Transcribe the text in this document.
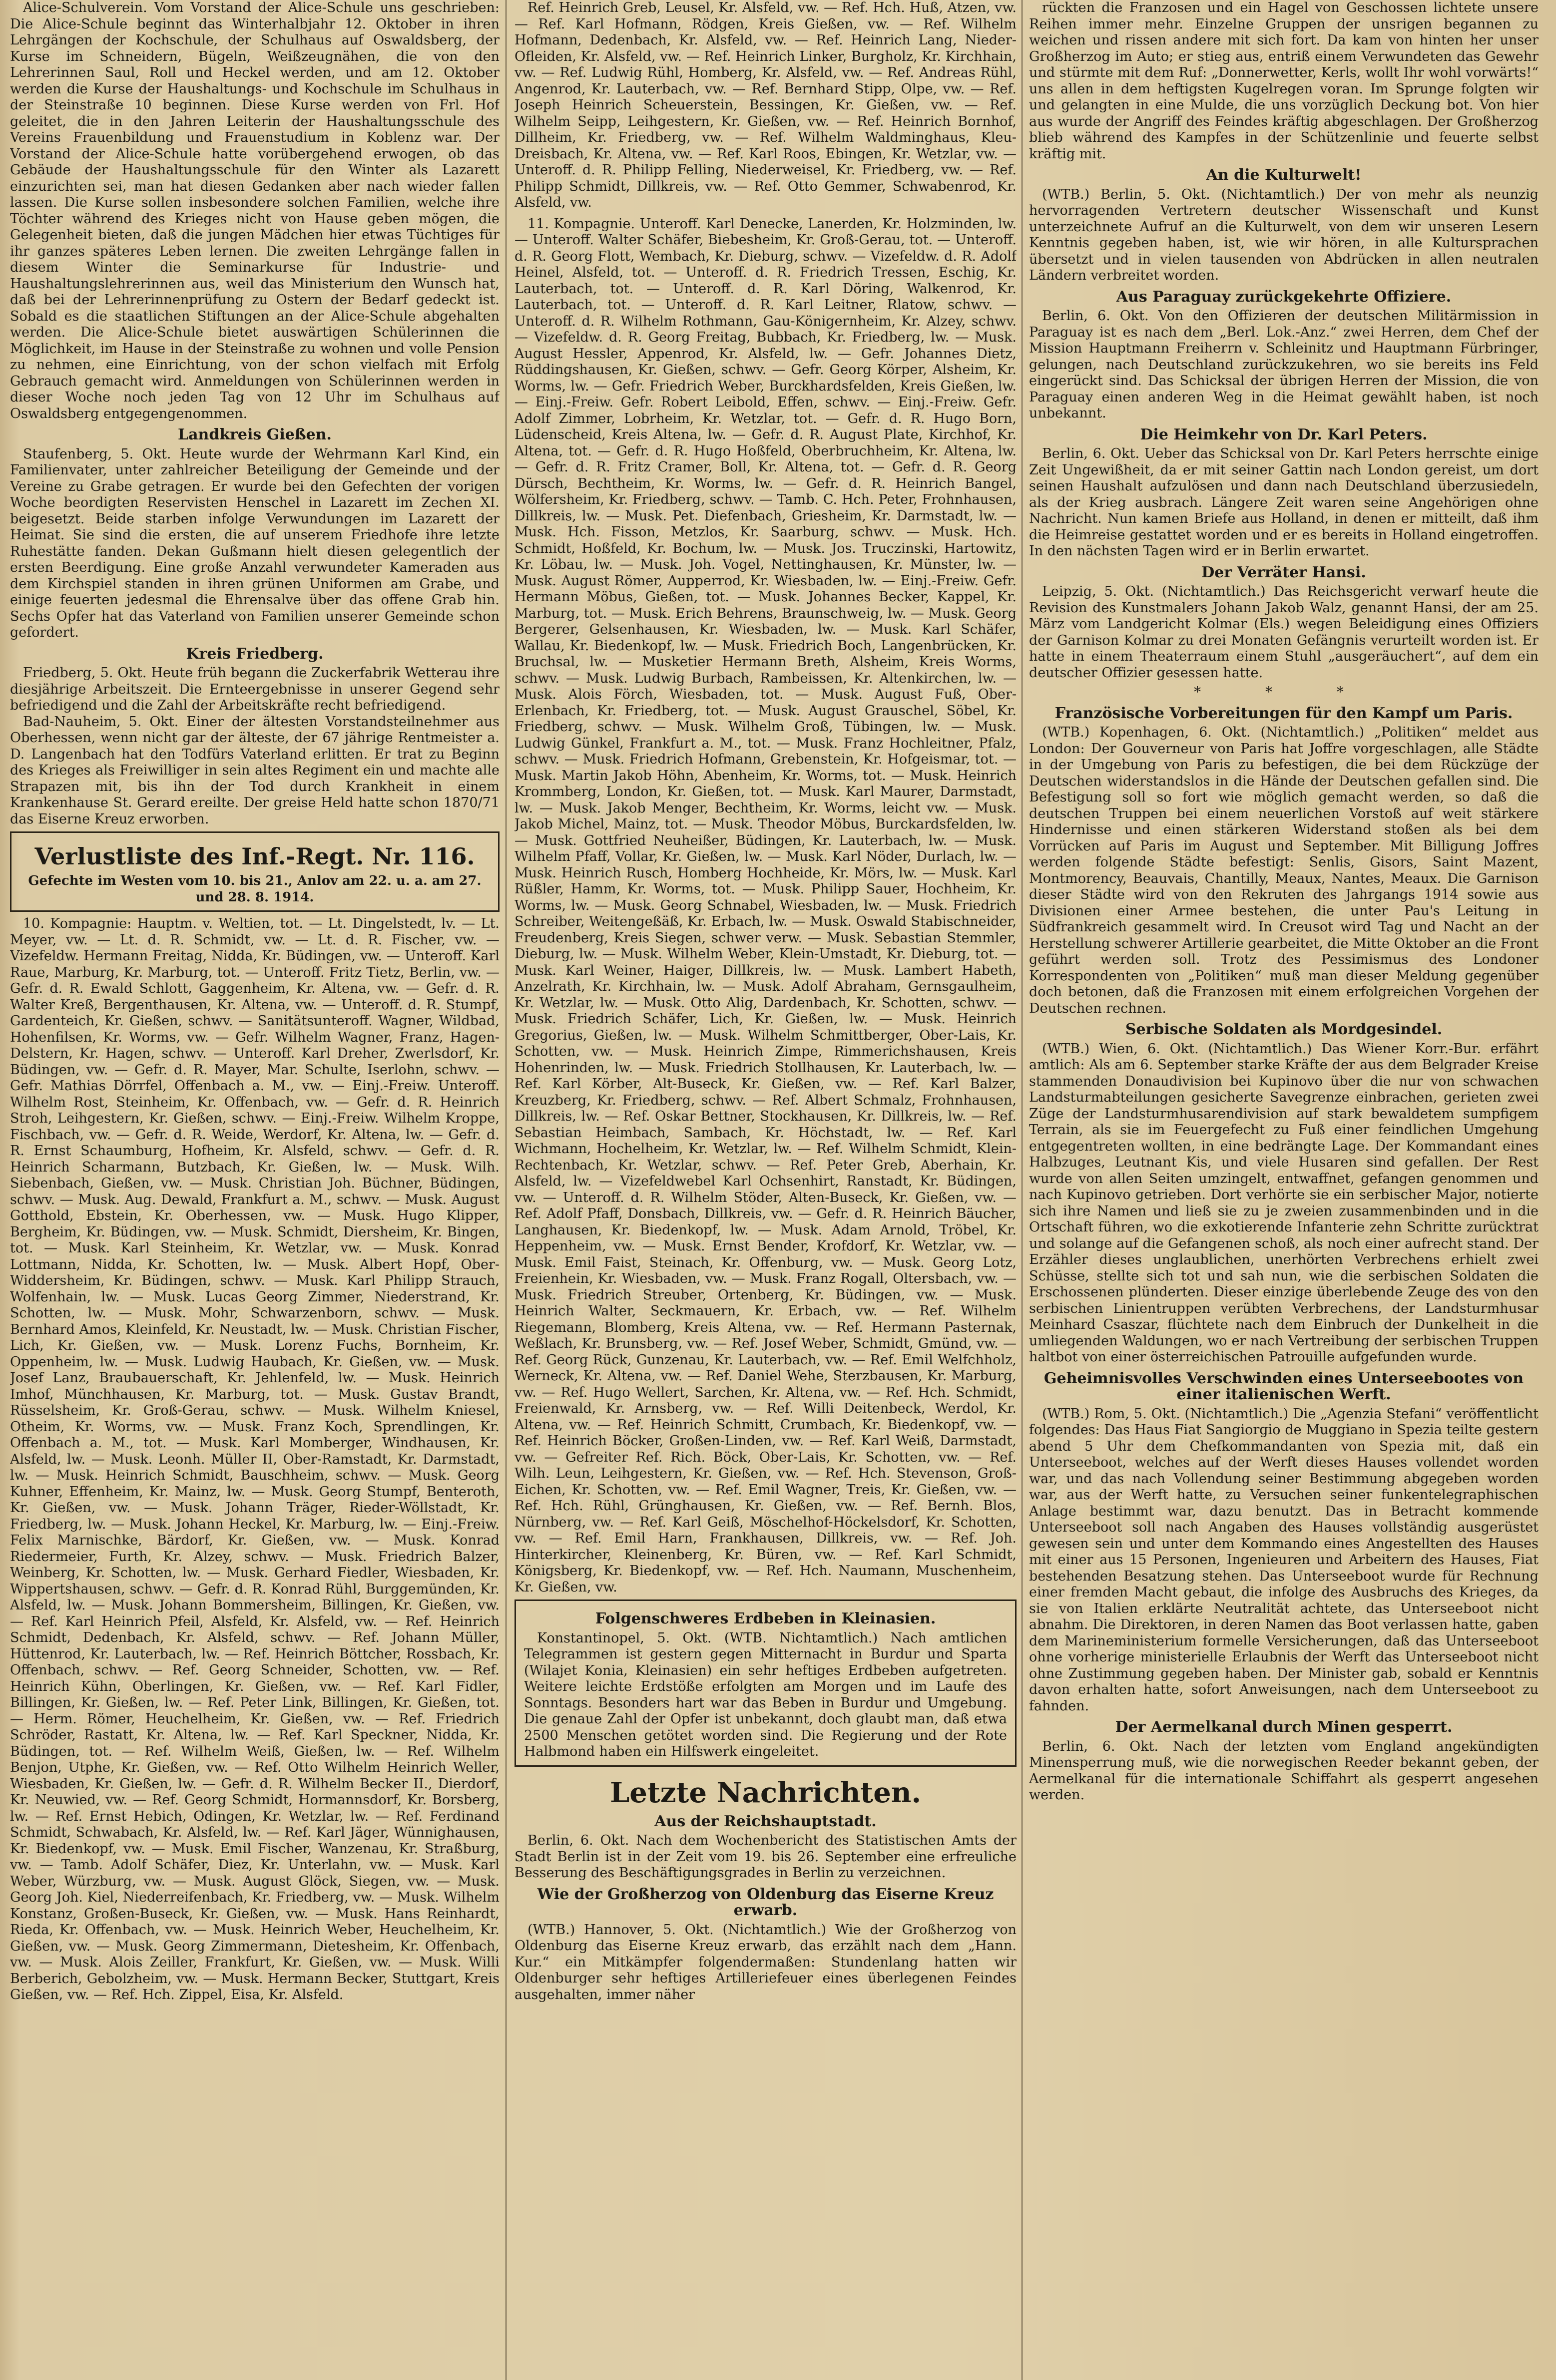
Alice-Schulverein. Vom Vorstand der Alice-Schule uns geschrieben: Die Alice-Schule beginnt das Winterhalbjahr 12. Oktober in ihren Lehrgängen der Kochschule, der Schulhaus auf Oswaldsberg, der Kurse im Schneidern, Bügeln, Weißzeugnähen, die von den Lehrerinnen Saul, Roll und Heckel werden, und am 12. Oktober werden die Kurse der Haushaltungs- und Kochschule im Schulhaus in der Steinstraße 10 beginnen. Diese Kurse werden von Frl. Hof geleitet, die in den Jahren Leiterin der Haushaltungsschule des Vereins Frauenbildung und Frauenstudium in Koblenz war. Der Vorstand der Alice-Schule hatte vorübergehend erwogen, ob das Gebäude der Haushaltungsschule für den Winter als Lazarett einzurichten sei, man hat diesen Gedanken aber nach wieder fallen lassen. Die Kurse sollen insbesondere solchen Familien, welche ihre Töchter während des Krieges nicht von Hause geben mögen, die Gelegenheit bieten, daß die jungen Mädchen hier etwas Tüchtiges für ihr ganzes späteres Leben lernen. Die zweiten Lehrgänge fallen in diesem Winter die Seminarkurse für Industrie- und Haushaltungslehrerinnen aus, weil das Ministerium den Wunsch hat, daß bei der Lehrerinnenprüfung zu Ostern der Bedarf gedeckt ist. Sobald es die staatlichen Stiftungen an der Alice-Schule abgehalten werden. Die Alice-Schule bietet auswärtigen Schülerinnen die Möglichkeit, im Hause in der Steinstraße zu wohnen und volle Pension zu nehmen, eine Einrichtung, von der schon vielfach mit Erfolg Gebrauch gemacht wird. Anmeldungen von Schülerinnen werden in dieser Woche noch jeden Tag von 12 Uhr im Schulhaus auf Oswaldsberg entgegengenommen.

Landkreis Gießen.

Staufenberg, 5. Okt. Heute wurde der Wehrmann Karl Kind, ein Familienvater, unter zahlreicher Beteiligung der Gemeinde und der Vereine zu Grabe getragen. Er wurde bei den Gefechten der vorigen Woche beordigten Reservisten Henschel in Lazarett im Zechen XI. beigesetzt. Beide starben infolge Verwundungen im Lazarett der Heimat. Sie sind die ersten, die auf unserem Friedhofe ihre letzte Ruhestätte fanden. Dekan Gußmann hielt diesen gelegentlich der ersten Beerdigung. Eine große Anzahl verwundeter Kameraden aus dem Kirchspiel standen in ihren grünen Uniformen am Grabe, und einige feuerten jedesmal die Ehrensalve über das offene Grab hin. Sechs Opfer hat das Vaterland von Familien unserer Gemeinde schon gefordert.

Kreis Friedberg.

Friedberg, 5. Okt. Heute früh begann die Zuckerfabrik Wetterau ihre diesjährige Arbeitszeit. Die Ernteergebnisse in unserer Gegend sehr befriedigend und die Zahl der Arbeitskräfte recht befriedigend.

Bad-Nauheim, 5. Okt. Einer der ältesten Vorstandsteilnehmer aus Oberhessen, wenn nicht gar der älteste, der 67 jährige Rentmeister a. D. Langenbach hat den Todfürs Vaterland erlitten. Er trat zu Beginn des Krieges als Freiwilliger in sein altes Regiment ein und machte alle Strapazen mit, bis ihn der Tod durch Krankheit in einem Krankenhause St. Gerard ereilte. Der greise Held hatte schon 1870/71 das Eiserne Kreuz erworben.

Verlustliste des Inf.-Regt. Nr. 116.
Gefechte im Westen vom 10. bis 21., Anlov am 22. u. a. am 27. und 28. 8. 1914.

10. Kompagnie: Hauptm. v. Weltien, tot. — Lt. Dingelstedt, lv. — Lt. Meyer, vw. — Lt. d. R. Schmidt, vw. — Lt. d. R. Fischer, vw. — Vizefeldw. Hermann Freitag, Nidda, Kr. Büdingen, vw. — Unteroff. Karl Raue, Marburg, Kr. Marburg, tot. — Unteroff. Fritz Tietz, Berlin, vw. — Gefr. d. R. Ewald Schlott, Gaggenheim, Kr. Altena, vw. — Gefr. d. R. Walter Kreß, Bergenthausen, Kr. Altena, vw. — Unteroff. d. R. Stumpf, Gardenteich, Kr. Gießen, schwv. — Sanitätsunteroff. Wagner, Wildbad, Hohenfilsen, Kr. Worms, vw. — Gefr. Wilhelm Wagner, Franz, Hagen-Delstern, Kr. Hagen, schwv. — Unteroff. Karl Dreher, Zwerlsdorf, Kr. Büdingen, vw. — Gefr. d. R. Mayer, Mar. Schulte, Iserlohn, schwv. — Gefr. Mathias Dörrfel, Offenbach a. M., vw. — Einj.-Freiw. Unteroff. Wilhelm Rost, Steinheim, Kr. Offenbach, vw. — Gefr. d. R. Heinrich Stroh, Leihgestern, Kr. Gießen, schwv. — Einj.-Freiw. Wilhelm Kroppe, Fischbach, vw. — Gefr. d. R. Weide, Werdorf, Kr. Altena, lw. — Gefr. d. R. Ernst Schaumburg, Hofheim, Kr. Alsfeld, schwv. — Gefr. d. R. Heinrich Scharmann, Butzbach, Kr. Gießen, lw. — Musk. Wilh. Siebenbach, Gießen, vw. — Musk. Christian Joh. Büchner, Büdingen, schwv. — Musk. Aug. Dewald, Frankfurt a. M., schwv. — Musk. August Gotthold, Ebstein, Kr. Oberhessen, vw. — Musk. Hugo Klipper, Bergheim, Kr. Büdingen, vw. — Musk. Schmidt, Diersheim, Kr. Bingen, tot. — Musk. Karl Steinheim, Kr. Wetzlar, vw. — Musk. Konrad Lottmann, Nidda, Kr. Schotten, lw. — Musk. Albert Hopf, Ober-Widdersheim, Kr. Büdingen, schwv. — Musk. Karl Philipp Strauch, Wolfenhain, lw. — Musk. Lucas Georg Zimmer, Niederstrand, Kr. Schotten, lw. — Musk. Mohr, Schwarzenborn, schwv. — Musk. Bernhard Amos, Kleinfeld, Kr. Neustadt, lw. — Musk. Christian Fischer, Lich, Kr. Gießen, vw. — Musk. Lorenz Fuchs, Bornheim, Kr. Oppenheim, lw. — Musk. Ludwig Haubach, Kr. Gießen, vw. — Musk. Josef Lanz, Braubauerschaft, Kr. Jehlenfeld, lw. — Musk. Heinrich Imhof, Münchhausen, Kr. Marburg, tot. — Musk. Gustav Brandt, Rüsselsheim, Kr. Groß-Gerau, schwv. — Musk. Wilhelm Kniesel, Otheim, Kr. Worms, vw. — Musk. Franz Koch, Sprendlingen, Kr. Offenbach a. M., tot. — Musk. Karl Momberger, Windhausen, Kr. Alsfeld, lw. — Musk. Leonh. Müller II, Ober-Ramstadt, Kr. Darmstadt, lw. — Musk. Heinrich Schmidt, Bauschheim, schwv. — Musk. Georg Kuhner, Effenheim, Kr. Mainz, lw. — Musk. Georg Stumpf, Benteroth, Kr. Gießen, vw. — Musk. Johann Träger, Rieder-Wöllstadt, Kr. Friedberg, lw. — Musk. Johann Heckel, Kr. Marburg, lw. — Einj.-Freiw. Felix Marnischke, Bärdorf, Kr. Gießen, vw. — Musk. Konrad Riedermeier, Furth, Kr. Alzey, schwv. — Musk. Friedrich Balzer, Weinberg, Kr. Schotten, lw. — Musk. Gerhard Fiedler, Wiesbaden, Kr. Wippertshausen, schwv. — Gefr. d. R. Konrad Rühl, Burggemünden, Kr. Alsfeld, lw. — Musk. Johann Bommersheim, Billingen, Kr. Gießen, vw. — Ref. Karl Heinrich Pfeil, Alsfeld, Kr. Alsfeld, vw. — Ref. Heinrich Schmidt, Dedenbach, Kr. Alsfeld, schwv. — Ref. Johann Müller, Hüttenrod, Kr. Lauterbach, lw. — Ref. Heinrich Böttcher, Rossbach, Kr. Offenbach, schwv. — Ref. Georg Schneider, Schotten, vw. — Ref. Heinrich Kühn, Oberlingen, Kr. Gießen, vw. — Ref. Karl Fidler, Billingen, Kr. Gießen, lw. — Ref. Peter Link, Billingen, Kr. Gießen, tot. — Herm. Römer, Heuchelheim, Kr. Gießen, vw. — Ref. Friedrich Schröder, Rastatt, Kr. Altena, lw. — Ref. Karl Speckner, Nidda, Kr. Büdingen, tot. — Ref. Wilhelm Weiß, Gießen, lw. — Ref. Wilhelm Benjon, Utphe, Kr. Gießen, vw. — Ref. Otto Wilhelm Heinrich Weller, Wiesbaden, Kr. Gießen, lw. — Gefr. d. R. Wilhelm Becker II., Dierdorf, Kr. Neuwied, vw. — Ref. Georg Schmidt, Hormannsdorf, Kr. Borsberg, lw. — Ref. Ernst Hebich, Odingen, Kr. Wetzlar, lw. — Ref. Ferdinand Schmidt, Schwabach, Kr. Alsfeld, lw. — Ref. Karl Jäger, Wünnighausen, Kr. Biedenkopf, vw. — Musk. Emil Fischer, Wanzenau, Kr. Straßburg, vw. — Tamb. Adolf Schäfer, Diez, Kr. Unterlahn, vw. — Musk. Karl Weber, Würzburg, vw. — Musk. August Glöck, Siegen, vw. — Musk. Georg Joh. Kiel, Niederreifenbach, Kr. Friedberg, vw. — Musk. Wilhelm Konstanz, Großen-Buseck, Kr. Gießen, vw. — Musk. Hans Reinhardt, Rieda, Kr. Offenbach, vw. — Musk. Heinrich Weber, Heuchelheim, Kr. Gießen, vw. — Musk. Georg Zimmermann, Dietesheim, Kr. Offenbach, vw. — Musk. Alois Zeiller, Frankfurt, Kr. Gießen, vw. — Musk. Willi Berberich, Gebolzheim, vw. — Musk. Hermann Becker, Stuttgart, Kreis Gießen, vw. — Ref. Hch. Zippel, Eisa, Kr. Alsfeld.

Ref. Heinrich Greb, Leusel, Kr. Alsfeld, vw. — Ref. Hch. Huß, Atzen, vw. — Ref. Karl Hofmann, Rödgen, Kreis Gießen, vw. — Ref. Wilhelm Hofmann, Dedenbach, Kr. Alsfeld, vw. — Ref. Heinrich Lang, Nieder-Ofleiden, Kr. Alsfeld, vw. — Ref. Heinrich Linker, Burgholz, Kr. Kirchhain, vw. — Ref. Ludwig Rühl, Homberg, Kr. Alsfeld, vw. — Ref. Andreas Rühl, Angenrod, Kr. Lauterbach, vw. — Ref. Bernhard Stipp, Olpe, vw. — Ref. Joseph Heinrich Scheuerstein, Bessingen, Kr. Gießen, vw. — Ref. Wilhelm Seipp, Leihgestern, Kr. Gießen, vw. — Ref. Heinrich Bornhof, Dillheim, Kr. Friedberg, vw. — Ref. Wilhelm Waldminghaus, Kleu-Dreisbach, Kr. Altena, vw. — Ref. Karl Roos, Ebingen, Kr. Wetzlar, vw. — Unteroff. d. R. Philipp Felling, Niederweisel, Kr. Friedberg, vw. — Ref. Philipp Schmidt, Dillkreis, vw. — Ref. Otto Gemmer, Schwabenrod, Kr. Alsfeld, vw.

11. Kompagnie. Unteroff. Karl Denecke, Lanerden, Kr. Holzminden, lw. — Unteroff. Walter Schäfer, Biebesheim, Kr. Groß-Gerau, tot. — Unteroff. d. R. Georg Flott, Wembach, Kr. Dieburg, schwv. — Vizefeldw. d. R. Adolf Heinel, Alsfeld, tot. — Unteroff. d. R. Friedrich Tressen, Eschig, Kr. Lauterbach, tot. — Unteroff. d. R. Karl Döring, Walkenrod, Kr. Lauterbach, tot. — Unteroff. d. R. Karl Leitner, Rlatow, schwv. — Unteroff. d. R. Wilhelm Rothmann, Gau-Königernheim, Kr. Alzey, schwv. — Vizefeldw. d. R. Georg Freitag, Bubbach, Kr. Friedberg, lw. — Musk. August Hessler, Appenrod, Kr. Alsfeld, lw. — Gefr. Johannes Dietz, Rüddingshausen, Kr. Gießen, schwv. — Gefr. Georg Körper, Alsheim, Kr. Worms, lw. — Gefr. Friedrich Weber, Burckhardsfelden, Kreis Gießen, lw. — Einj.-Freiw. Gefr. Robert Leibold, Effen, schwv. — Einj.-Freiw. Gefr. Adolf Zimmer, Lobrheim, Kr. Wetzlar, tot. — Gefr. d. R. Hugo Born, Lüdenscheid, Kreis Altena, lw. — Gefr. d. R. August Plate, Kirchhof, Kr. Altena, tot. — Gefr. d. R. Hugo Hoßfeld, Oberbruchheim, Kr. Altena, lw. — Gefr. d. R. Fritz Cramer, Boll, Kr. Altena, tot. — Gefr. d. R. Georg Dürsch, Bechtheim, Kr. Worms, lw. — Gefr. d. R. Heinrich Bangel, Wölfersheim, Kr. Friedberg, schwv. — Tamb. C. Hch. Peter, Frohnhausen, Dillkreis, lw. — Musk. Pet. Diefenbach, Griesheim, Kr. Darmstadt, lw. — Musk. Hch. Fisson, Metzlos, Kr. Saarburg, schwv. — Musk. Hch. Schmidt, Hoßfeld, Kr. Bochum, lw. — Musk. Jos. Truczinski, Hartowitz, Kr. Löbau, lw. — Musk. Joh. Vogel, Nettinghausen, Kr. Münster, lw. — Musk. August Römer, Aupperrod, Kr. Wiesbaden, lw. — Einj.-Freiw. Gefr. Hermann Möbus, Gießen, tot. — Musk. Johannes Becker, Kappel, Kr. Marburg, tot. — Musk. Erich Behrens, Braunschweig, lw. — Musk. Georg Bergerer, Gelsenhausen, Kr. Wiesbaden, lw. — Musk. Karl Schäfer, Wallau, Kr. Biedenkopf, lw. — Musk. Friedrich Boch, Langenbrücken, Kr. Bruchsal, lw. — Musketier Hermann Breth, Alsheim, Kreis Worms, schwv. — Musk. Ludwig Burbach, Rambeissen, Kr. Altenkirchen, lw. — Musk. Alois Förch, Wiesbaden, tot. — Musk. August Fuß, Ober-Erlenbach, Kr. Friedberg, tot. — Musk. August Grauschel, Söbel, Kr. Friedberg, schwv. — Musk. Wilhelm Groß, Tübingen, lw. — Musk. Ludwig Günkel, Frankfurt a. M., tot. — Musk. Franz Hochleitner, Pfalz, schwv. — Musk. Friedrich Hofmann, Grebenstein, Kr. Hofgeismar, tot. — Musk. Martin Jakob Höhn, Abenheim, Kr. Worms, tot. — Musk. Heinrich Krommberg, London, Kr. Gießen, tot. — Musk. Karl Maurer, Darmstadt, lw. — Musk. Jakob Menger, Bechtheim, Kr. Worms, leicht vw. — Musk. Jakob Michel, Mainz, tot. — Musk. Theodor Möbus, Burckardsfelden, lw. — Musk. Gottfried Neuheißer, Büdingen, Kr. Lauterbach, lw. — Musk. Wilhelm Pfaff, Vollar, Kr. Gießen, lw. — Musk. Karl Nöder, Durlach, lw. — Musk. Heinrich Rusch, Homberg Hochheide, Kr. Mörs, lw. — Musk. Karl Rüßler, Hamm, Kr. Worms, tot. — Musk. Philipp Sauer, Hochheim, Kr. Worms, lw. — Musk. Georg Schnabel, Wiesbaden, lw. — Musk. Friedrich Schreiber, Weitengeßäß, Kr. Erbach, lw. — Musk. Oswald Stabischneider, Freudenberg, Kreis Siegen, schwer verw. — Musk. Sebastian Stemmler, Dieburg, lw. — Musk. Wilhelm Weber, Klein-Umstadt, Kr. Dieburg, tot. — Musk. Karl Weiner, Haiger, Dillkreis, lw. — Musk. Lambert Habeth, Anzelrath, Kr. Kirchhain, lw. — Musk. Adolf Abraham, Gernsgaulheim, Kr. Wetzlar, lw. — Musk. Otto Alig, Dardenbach, Kr. Schotten, schwv. — Musk. Friedrich Schäfer, Lich, Kr. Gießen, lw. — Musk. Heinrich Gregorius, Gießen, lw. — Musk. Wilhelm Schmittberger, Ober-Lais, Kr. Schotten, vw. — Musk. Heinrich Zimpe, Rimmerichshausen, Kreis Hohenrinden, lw. — Musk. Friedrich Stollhausen, Kr. Lauterbach, lw. — Ref. Karl Körber, Alt-Buseck, Kr. Gießen, vw. — Ref. Karl Balzer, Kreuzberg, Kr. Friedberg, schwv. — Ref. Albert Schmalz, Frohnhausen, Dillkreis, lw. — Ref. Oskar Bettner, Stockhausen, Kr. Dillkreis, lw. — Ref. Sebastian Heimbach, Sambach, Kr. Höchstadt, lw. — Ref. Karl Wichmann, Hochelheim, Kr. Wetzlar, lw. — Ref. Wilhelm Schmidt, Klein-Rechtenbach, Kr. Wetzlar, schwv. — Ref. Peter Greb, Aberhain, Kr. Alsfeld, lw. — Vizefeldwebel Karl Ochsenhirt, Ranstadt, Kr. Büdingen, vw. — Unteroff. d. R. Wilhelm Stöder, Alten-Buseck, Kr. Gießen, vw. — Ref. Adolf Pfaff, Donsbach, Dillkreis, vw. — Gefr. d. R. Heinrich Bäucher, Langhausen, Kr. Biedenkopf, lw. — Musk. Adam Arnold, Tröbel, Kr. Heppenheim, vw. — Musk. Ernst Bender, Krofdorf, Kr. Wetzlar, vw. — Musk. Emil Faist, Steinach, Kr. Offenburg, vw. — Musk. Georg Lotz, Freienhein, Kr. Wiesbaden, vw. — Musk. Franz Rogall, Oltersbach, vw. — Musk. Friedrich Streuber, Ortenberg, Kr. Büdingen, vw. — Musk. Heinrich Walter, Seckmauern, Kr. Erbach, vw. — Ref. Wilhelm Riegemann, Blomberg, Kreis Altena, vw. — Ref. Hermann Pasternak, Weßlach, Kr. Brunsberg, vw. — Ref. Josef Weber, Schmidt, Gmünd, vw. — Ref. Georg Rück, Gunzenau, Kr. Lauterbach, vw. — Ref. Emil Welfchholz, Werneck, Kr. Altena, vw. — Ref. Daniel Wehe, Sterzbausen, Kr. Marburg, vw. — Ref. Hugo Wellert, Sarchen, Kr. Altena, vw. — Ref. Hch. Schmidt, Freienwald, Kr. Arnsberg, vw. — Ref. Willi Deitenbeck, Werdol, Kr. Altena, vw. — Ref. Heinrich Schmitt, Crumbach, Kr. Biedenkopf, vw. — Ref. Heinrich Böcker, Großen-Linden, vw. — Ref. Karl Weiß, Darmstadt, vw. — Gefreiter Ref. Rich. Böck, Ober-Lais, Kr. Schotten, vw. — Ref. Wilh. Leun, Leihgestern, Kr. Gießen, vw. — Ref. Hch. Stevenson, Groß-Eichen, Kr. Schotten, vw. — Ref. Emil Wagner, Treis, Kr. Gießen, vw. — Ref. Hch. Rühl, Grünghausen, Kr. Gießen, vw. — Ref. Bernh. Blos, Nürnberg, vw. — Ref. Karl Geiß, Möschelhof-Höckelsdorf, Kr. Schotten, vw. — Ref. Emil Harn, Frankhausen, Dillkreis, vw. — Ref. Joh. Hinterkircher, Kleinenberg, Kr. Büren, vw. — Ref. Karl Schmidt, Königsberg, Kr. Biedenkopf, vw. — Ref. Hch. Naumann, Muschenheim, Kr. Gießen, vw.

Folgenschweres Erdbeben in Kleinasien.

Konstantinopel, 5. Okt. (WTB. Nichtamtlich.) Nach amtlichen Telegrammen ist gestern gegen Mitternacht in Burdur und Sparta (Wilajet Konia, Kleinasien) ein sehr heftiges Erdbeben aufgetreten. Weitere leichte Erdstöße erfolgten am Morgen und im Laufe des Sonntags. Besonders hart war das Beben in Burdur und Umgebung. Die genaue Zahl der Opfer ist unbekannt, doch glaubt man, daß etwa 2500 Menschen getötet worden sind. Die Regierung und der Rote Halbmond haben ein Hilfswerk eingeleitet.

Letzte Nachrichten.
Aus der Reichshauptstadt.

Berlin, 6. Okt. Nach dem Wochenbericht des Statistischen Amts der Stadt Berlin ist in der Zeit vom 19. bis 26. September eine erfreuliche Besserung des Beschäftigungsgrades in Berlin zu verzeichnen.

Wie der Großherzog von Oldenburg das Eiserne Kreuz erwarb.

(WTB.) Hannover, 5. Okt. (Nichtamtlich.) Wie der Großherzog von Oldenburg das Eiserne Kreuz erwarb, das erzählt nach dem „Hann. Kur.“ ein Mitkämpfer folgendermaßen: Stundenlang hatten wir Oldenburger sehr heftiges Artilleriefeuer eines überlegenen Feindes ausgehalten, immer näher

rückten die Franzosen und ein Hagel von Geschossen lichtete unsere Reihen immer mehr. Einzelne Gruppen der unsrigen begannen zu weichen und rissen andere mit sich fort. Da kam von hinten her unser Großherzog im Auto; er stieg aus, entriß einem Verwundeten das Gewehr und stürmte mit dem Ruf: „Donnerwetter, Kerls, wollt Ihr wohl vorwärts!“ uns allen in dem heftigsten Kugelregen voran. Im Sprunge folgten wir und gelangten in eine Mulde, die uns vorzüglich Deckung bot. Von hier aus wurde der Angriff des Feindes kräftig abgeschlagen. Der Großherzog blieb während des Kampfes in der Schützenlinie und feuerte selbst kräftig mit.

An die Kulturwelt!

(WTB.) Berlin, 5. Okt. (Nichtamtlich.) Der von mehr als neunzig hervorragenden Vertretern deutscher Wissenschaft und Kunst unterzeichnete Aufruf an die Kulturwelt, von dem wir unseren Lesern Kenntnis gegeben haben, ist, wie wir hören, in alle Kultursprachen übersetzt und in vielen tausenden von Abdrücken in allen neutralen Ländern verbreitet worden.

Aus Paraguay zurückgekehrte Offiziere.

Berlin, 6. Okt. Von den Offizieren der deutschen Militärmission in Paraguay ist es nach dem „Berl. Lok.-Anz.“ zwei Herren, dem Chef der Mission Hauptmann Freiherrn v. Schleinitz und Hauptmann Fürbringer, gelungen, nach Deutschland zurückzukehren, wo sie bereits ins Feld eingerückt sind. Das Schicksal der übrigen Herren der Mission, die von Paraguay einen anderen Weg in die Heimat gewählt haben, ist noch unbekannt.

Die Heimkehr von Dr. Karl Peters.

Berlin, 6. Okt. Ueber das Schicksal von Dr. Karl Peters herrschte einige Zeit Ungewißheit, da er mit seiner Gattin nach London gereist, um dort seinen Haushalt aufzulösen und dann nach Deutschland überzusiedeln, als der Krieg ausbrach. Längere Zeit waren seine Angehörigen ohne Nachricht. Nun kamen Briefe aus Holland, in denen er mitteilt, daß ihm die Heimreise gestattet worden und er es bereits in Holland eingetroffen. In den nächsten Tagen wird er in Berlin erwartet.

Der Verräter Hansi.

Leipzig, 5. Okt. (Nichtamtlich.) Das Reichsgericht verwarf heute die Revision des Kunstmalers Johann Jakob Walz, genannt Hansi, der am 25. März vom Landgericht Kolmar (Els.) wegen Beleidigung eines Offiziers der Garnison Kolmar zu drei Monaten Gefängnis verurteilt worden ist. Er hatte in einem Theaterraum einem Stuhl „ausgeräuchert“, auf dem ein deutscher Offizier gesessen hatte.

* * *
Französische Vorbereitungen für den Kampf um Paris.

(WTB.) Kopenhagen, 6. Okt. (Nichtamtlich.) „Politiken“ meldet aus London: Der Gouverneur von Paris hat Joffre vorgeschlagen, alle Städte in der Umgebung von Paris zu befestigen, die bei dem Rückzüge der Deutschen widerstandslos in die Hände der Deutschen gefallen sind. Die Befestigung soll so fort wie möglich gemacht werden, so daß die deutschen Truppen bei einem neuerlichen Vorstoß auf weit stärkere Hindernisse und einen stärkeren Widerstand stoßen als bei dem Vorrücken auf Paris im August und September. Mit Billigung Joffres werden folgende Städte befestigt: Senlis, Gisors, Saint Mazent, Montmorency, Beauvais, Chantilly, Meaux, Nantes, Meaux. Die Garnison dieser Städte wird von den Rekruten des Jahrgangs 1914 sowie aus Divisionen einer Armee bestehen, die unter Pau's Leitung in Südfrankreich gesammelt wird. In Creusot wird Tag und Nacht an der Herstellung schwerer Artillerie gearbeitet, die Mitte Oktober an die Front geführt werden soll. Trotz des Pessimismus des Londoner Korrespondenten von „Politiken“ muß man dieser Meldung gegenüber doch betonen, daß die Franzosen mit einem erfolgreichen Vorgehen der Deutschen rechnen.

Serbische Soldaten als Mordgesindel.

(WTB.) Wien, 6. Okt. (Nichtamtlich.) Das Wiener Korr.-Bur. erfährt amtlich: Als am 6. September starke Kräfte der aus dem Belgrader Kreise stammenden Donaudivision bei Kupinovo über die nur von schwachen Landsturmabteilungen gesicherte Savegrenze einbrachen, gerieten zwei Züge der Landsturmhusarendivision auf stark bewaldetem sumpfigem Terrain, als sie im Feuergefecht zu Fuß einer feindlichen Umgehung entgegentreten wollten, in eine bedrängte Lage. Der Kommandant eines Halbzuges, Leutnant Kis, und viele Husaren sind gefallen. Der Rest wurde von allen Seiten umzingelt, entwaffnet, gefangen genommen und nach Kupinovo getrieben. Dort verhörte sie ein serbischer Major, notierte sich ihre Namen und ließ sie zu je zweien zusammenbinden und in die Ortschaft führen, wo die exkotierende Infanterie zehn Schritte zurücktrat und solange auf die Gefangenen schoß, als noch einer aufrecht stand. Der Erzähler dieses unglaublichen, unerhörten Verbrechens erhielt zwei Schüsse, stellte sich tot und sah nun, wie die serbischen Soldaten die Erschossenen plünderten. Dieser einzige überlebende Zeuge des von den serbischen Linientruppen verübten Verbrechens, der Landsturmhusar Meinhard Csaszar, flüchtete nach dem Einbruch der Dunkelheit in die umliegenden Waldungen, wo er nach Vertreibung der serbischen Truppen haltbot von einer österreichischen Patrouille aufgefunden wurde.

Geheimnisvolles Verschwinden eines Unterseebootes von einer italienischen Werft.

(WTB.) Rom, 5. Okt. (Nichtamtlich.) Die „Agenzia Stefani“ veröffentlicht folgendes: Das Haus Fiat Sangiorgio de Muggiano in Spezia teilte gestern abend 5 Uhr dem Chefkommandanten von Spezia mit, daß ein Unterseeboot, welches auf der Werft dieses Hauses vollendet worden war, und das nach Vollendung seiner Bestimmung abgegeben worden war, aus der Werft hatte, zu Versuchen seiner funkentelegraphischen Anlage bestimmt war, dazu benutzt. Das in Betracht kommende Unterseeboot soll nach Angaben des Hauses vollständig ausgerüstet gewesen sein und unter dem Kommando eines Angestellten des Hauses mit einer aus 15 Personen, Ingenieuren und Arbeitern des Hauses, Fiat bestehenden Besatzung stehen. Das Unterseeboot wurde für Rechnung einer fremden Macht gebaut, die infolge des Ausbruchs des Krieges, da sie von Italien erklärte Neutralität achtete, das Unterseeboot nicht abnahm. Die Direktoren, in deren Namen das Boot verlassen hatte, gaben dem Marineministerium formelle Versicherungen, daß das Unterseeboot ohne vorherige ministerielle Erlaubnis der Werft das Unterseeboot nicht ohne Zustimmung gegeben haben. Der Minister gab, sobald er Kenntnis davon erhalten hatte, sofort Anweisungen, nach dem Unterseeboot zu fahnden.

Der Aermelkanal durch Minen gesperrt.

Berlin, 6. Okt. Nach der letzten vom England angekündigten Minensperrung muß, wie die norwegischen Reeder bekannt geben, der Aermelkanal für die internationale Schiffahrt als gesperrt angesehen werden.
